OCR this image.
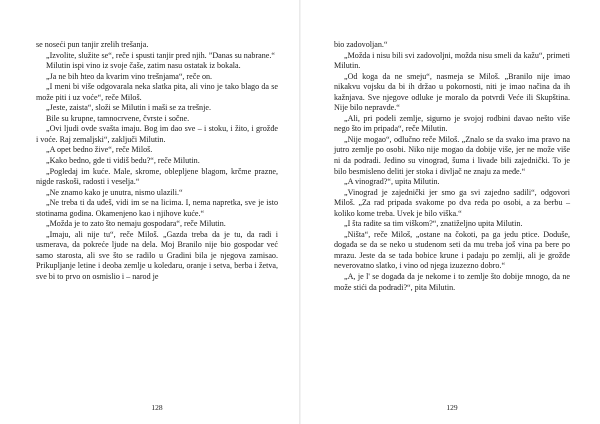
se noseći pun tanjir zrelih trešanja.

„Izvolite, služite se“, reče i spusti tanjir pred njih. ”Danas su nabrane.“

Milutin ispi vino iz svoje čaše, zatim nasu ostatak iz bokala.

„Ja ne bih hteo da kvarim vino trešnjama“, reče on.

„I meni bi više odgovarala neka slatka pita, ali vino je tako blago da se može piti i uz voće“, reče Miloš.

„Jeste, zaista“, složi se Milutin i maši se za trešnje.

Bile su krupne, tamnocrvene, čvrste i sočne.

„Ovi ljudi ovde svašta imaju. Bog im dao sve – i stoku, i žito, i grožđe i voće. Raj zemaljski“, zaključi Milutin.

„A opet bedno žive“, reče Miloš.

„Kako bedno, gde ti vidiš bedu?“, reče Milutin.

„Pogledaj im kuće. Male, skrome, oblepljene blagom, krčme prazne, nigde raskoši, radosti i veselja.“

„Ne znamo kako je unutra, nismo ulazili.“

„Ne treba ti da uđeš, vidi im se na licima. I, nema napretka, sve je isto stotinama godina. Okamenjeno kao i njihove kuće.“

„Možda je to zato što nemaju gospodara“, reče Milutin.

„Imaju, ali nije tu“, reče Miloš. „Gazda treba da je tu, da radi i usmerava, da pokreće ljude na dela. Moj Branilo nije bio gospodar već samo starosta, ali sve što se radilo u Gradini bila je njegova zamisao. Prikupljanje letine i deoba zemlje u koledaru, oranje i setva, berba i žetva, sve bi to prvo on osmislio i – narod je

128

bio zadovoljan.“

„Možda i nisu bili svi zadovoljni, možda nisu smeli da kažu“, primeti Milutin.

„Od koga da ne smeju“, nasmeja se Miloš. „Branilo nije imao nikakvu vojsku da bi ih držao u pokornosti, niti je imao načina da ih kažnjava. Sve njegove odluke je moralo da potvrdi Veće ili Skupština. Nije bilo nepravde.“

„Ali, pri podeli zemlje, sigurno je svojoj rodbini davao nešto više nego što im pripada“, reče Milutin.

„Nije mogao“, odlučno reče Miloš. „Znalo se da svako ima pravo na jutro zemlje po osobi. Niko nije mogao da dobije više, jer ne može više ni da podradi. Jedino su vinograd, šuma i livade bili zajednički. To je bilo besmisleno deliti jer stoka i divljač ne znaju za međe.“

„A vinograd?“, upita Milutin.

„Vinograd je zajednički jer smo ga svi zajedno sadili“, odgovori Miloš. „Za rad pripada svakome po dva reda po osobi, a za berbu – koliko kome treba. Uvek je bilo viška.“

„I šta radite sa tim viškom?“, znatiželjno upita Milutin.

„Ništa“, reče Miloš, „ostane na čokoti, pa ga jedu ptice. Doduše, događa se da se neko u studenom seti da mu treba još vina pa bere po mrazu. Jeste da se tada bobice krune i padaju po zemlji, ali je grožđe neverovatno slatko, i vino od njega izuzezno dobro.“

„A, je l' se događa da je nekome i to zemlje što dobije mnogo, da ne može stići da podradi?“, pita Milutin.

129
